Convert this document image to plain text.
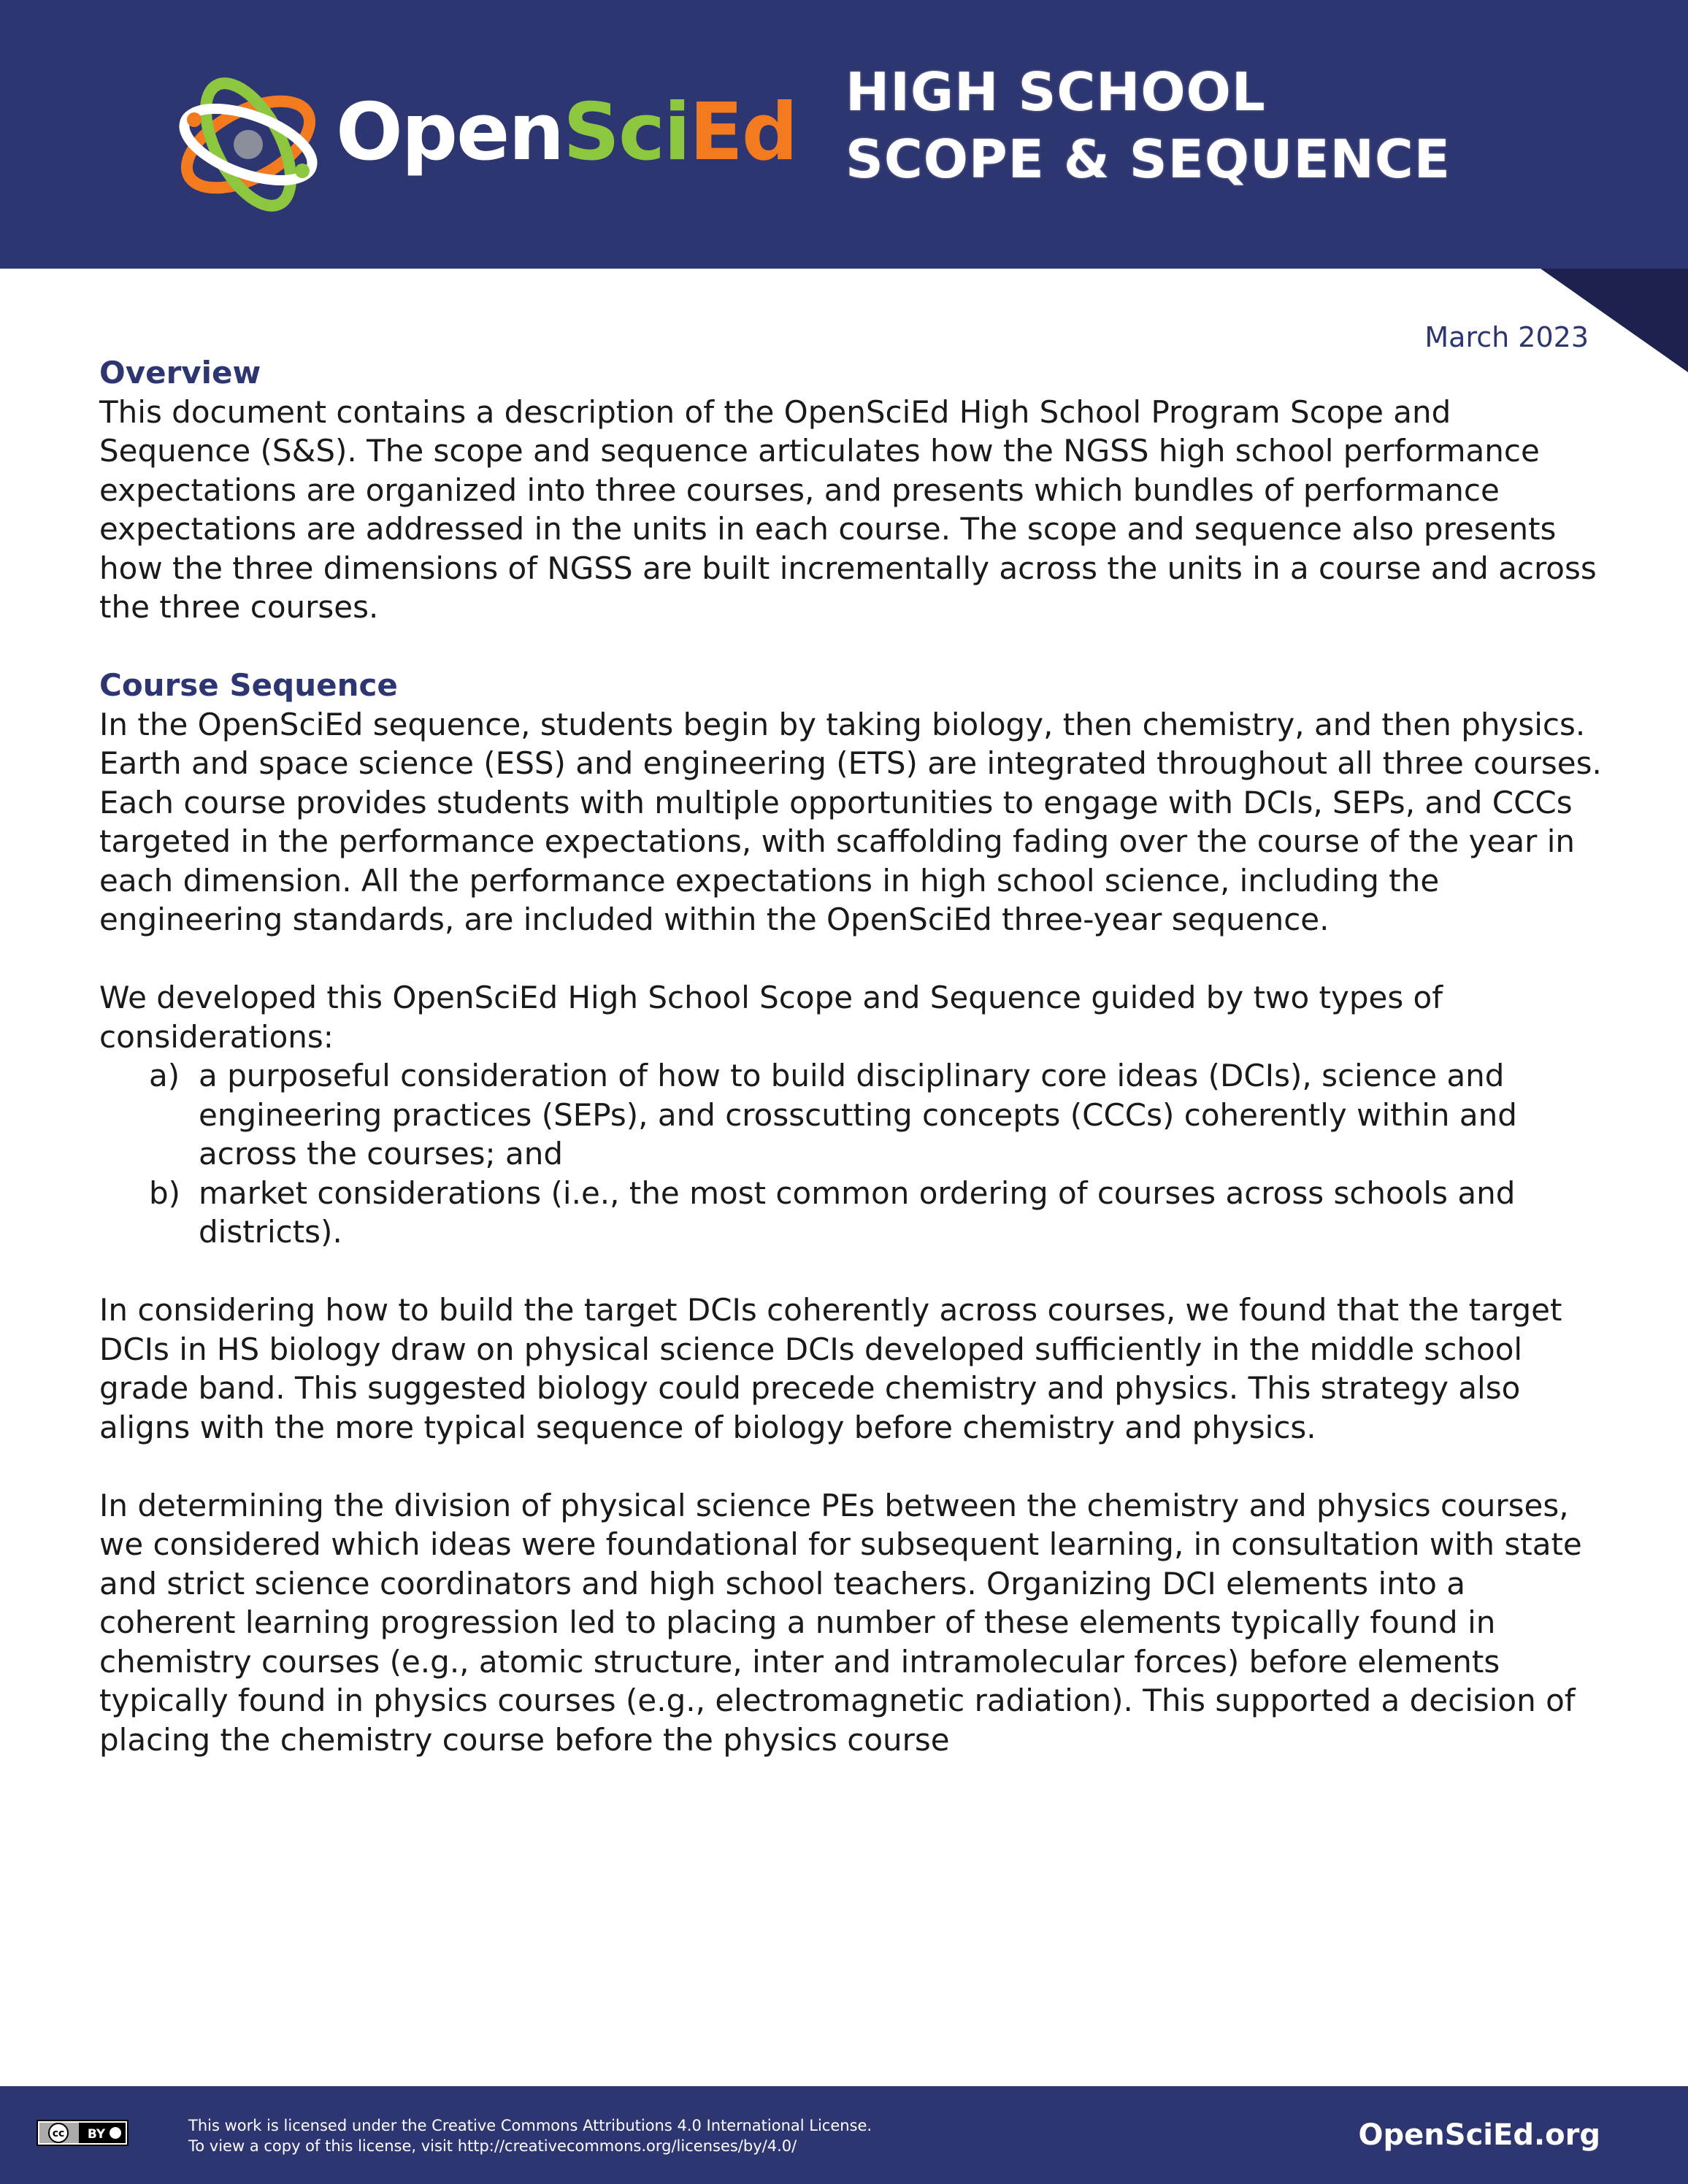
OpenSciEd HIGH SCHOOL
SCOPE & SEQUENCE
March 2023
Overview

This document contains a description of the OpenSciEd High School Program Scope and Sequence (S&S). The scope and sequence articulates how the NGSS high school performance expectations are organized into three courses, and presents which bundles of performance expectations are addressed in the units in each course. The scope and sequence also presents how the three dimensions of NGSS are built incrementally across the units in a course and across the three courses.

Course Sequence

In the OpenSciEd sequence, students begin by taking biology, then chemistry, and then physics. Earth and space science (ESS) and engineering (ETS) are integrated throughout all three courses. Each course provides students with multiple opportunities to engage with DCIs, SEPs, and CCCs targeted in the performance expectations, with scaffolding fading over the course of the year in each dimension. All the performance expectations in high school science, including the engineering standards, are included within the OpenSciEd three-year sequence.

We developed this OpenSciEd High School Scope and Sequence guided by two types of considerations:

a) a purposeful consideration of how to build disciplinary core ideas (DCIs), science and engineering practices (SEPs), and crosscutting concepts (CCCs) coherently within and across the courses; and
b) market considerations (i.e., the most common ordering of courses across schools and districts).

In considering how to build the target DCIs coherently across courses, we found that the target DCIs in HS biology draw on physical science DCIs developed sufficiently in the middle school grade band. This suggested biology could precede chemistry and physics. This strategy also aligns with the more typical sequence of biology before chemistry and physics.

In determining the division of physical science PEs between the chemistry and physics courses, we considered which ideas were foundational for subsequent learning, in consultation with state and strict science coordinators and high school teachers. Organizing DCI elements into a coherent learning progression led to placing a number of these elements typically found in chemistry courses (e.g., atomic structure, inter and intramolecular forces) before elements typically found in physics courses (e.g., electromagnetic radiation). This supported a decision of placing the chemistry course before the physics course

cc BY	This work is licensed under the Creative Commons Attributions 4.0 International License.
To view a copy of this license, visit http://creativecommons.org/licenses/by/4.0/	OpenSciEd.org
